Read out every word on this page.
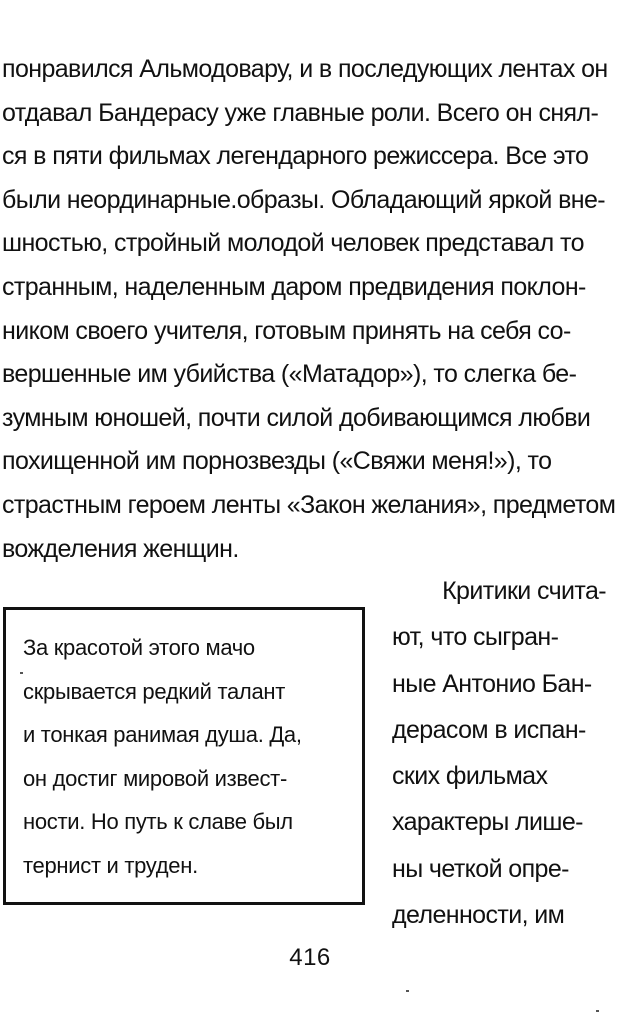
понравился Альмодовару, и в последующих лентах он
отдавал Бандерасу уже главные роли. Всего он снял-
ся в пяти фильмах легендарного режиссера. Все это
были неординарные.образы. Обладающий яркой вне-
шностью, стройный молодой человек представал то
странным, наделенным даром предвидения поклон-
ником своего учителя, готовым принять на себя со-
вершенные им убийства («Матадор»), то слегка бе-
зумным юношей, почти силой добивающимся любви
похищенной им порнозвезды («Свяжи меня!»), то
страстным героем ленты «Закон желания», предметом
вожделения женщин.
Критики счита-
ют, что сыгран-
ные Антонио Бан-
дерасом в испан-
ских фильмах
характеры лише-
ны четкой опре-
деленности, им
За красотой этого мачо
скрывается редкий талант
и тонкая ранимая душа. Да,
он достиг мировой извест-
ности. Но путь к славе был
тернист и труден.
416
